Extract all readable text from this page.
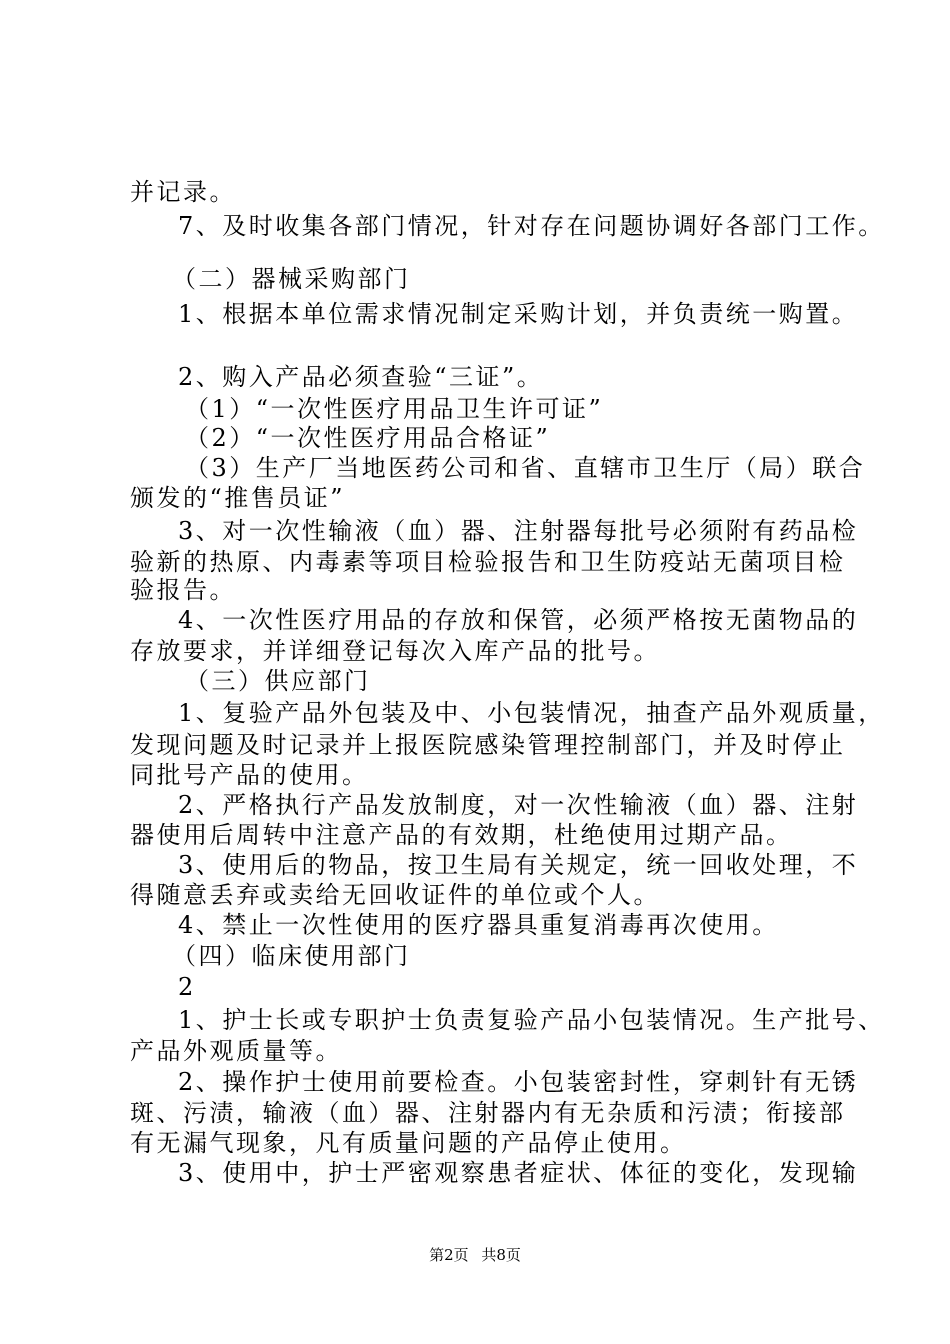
并记录。

7、及时收集各部门情况，针对存在问题协调好各部门工作。

（二）器械采购部门

1、根据本单位需求情况制定采购计划，并负责统一购置。

2、购入产品必须查验“三证”。

（1）“一次性医疗用品卫生许可证”

（2）“一次性医疗用品合格证”

（3）生产厂当地医药公司和省、直辖市卫生厅（局）联合

颁发的“推售员证”

3、对一次性输液（血）器、注射器每批号必须附有药品检

验新的热原、内毒素等项目检验报告和卫生防疫站无菌项目检

验报告。

4、一次性医疗用品的存放和保管，必须严格按无菌物品的

存放要求，并详细登记每次入库产品的批号。

（三）供应部门

1、复验产品外包装及中、小包装情况，抽查产品外观质量，

发现问题及时记录并上报医院感染管理控制部门，并及时停止

同批号产品的使用。

2、严格执行产品发放制度，对一次性输液（血）器、注射

器使用后周转中注意产品的有效期，杜绝使用过期产品。

3、使用后的物品，按卫生局有关规定，统一回收处理，不

得随意丢弃或卖给无回收证件的单位或个人。

4、禁止一次性使用的医疗器具重复消毒再次使用。

（四）临床使用部门

2

1、护士长或专职护士负责复验产品小包装情况。生产批号、

产品外观质量等。

2、操作护士使用前要检查。小包装密封性，穿刺针有无锈

斑、污渍，输液（血）器、注射器内有无杂质和污渍；衔接部

有无漏气现象，凡有质量问题的产品停止使用。

3、使用中，护士严密观察患者症状、体征的变化，发现输

第2页 共8页
